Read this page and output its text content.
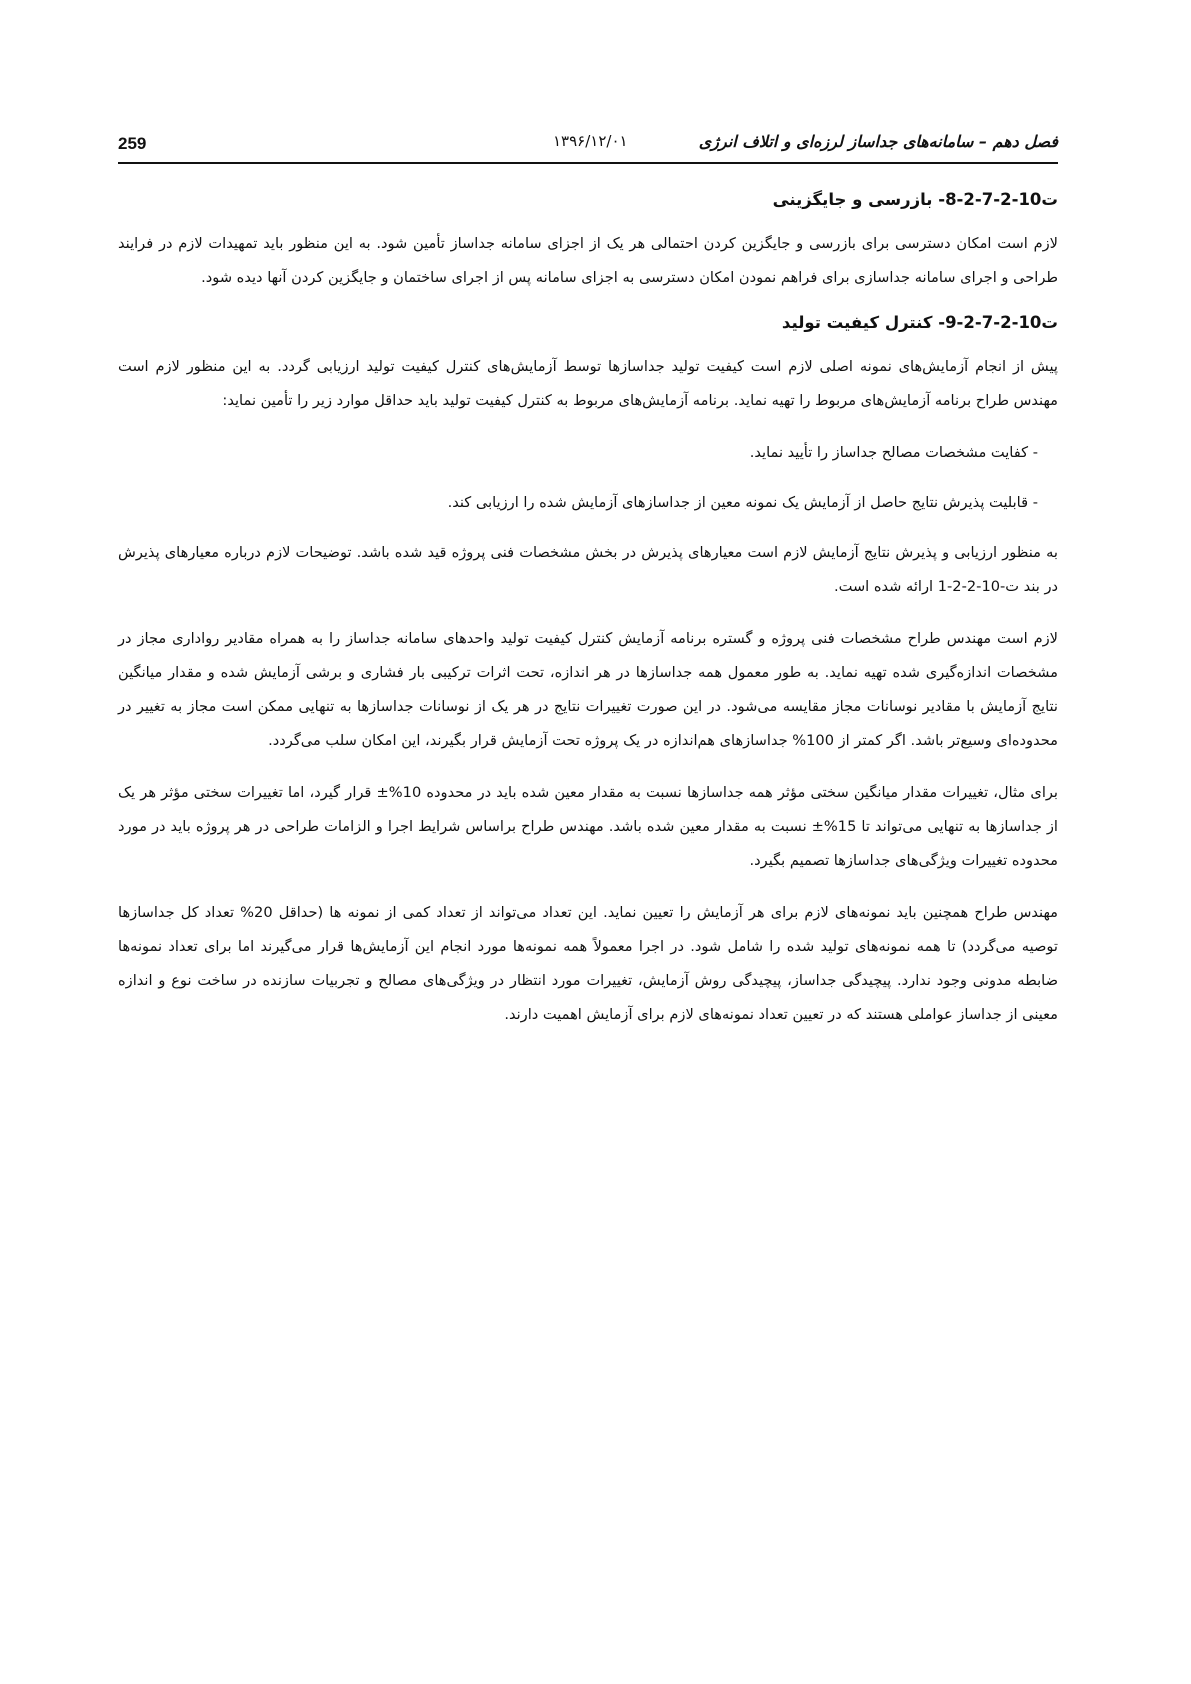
259	۱۳۹۶/۱۲/۰۱	فصل دهم – سامانه‌های جداساز لرزه‌ای و اتلاف انرژی
ت10-2-7-2-8- بازرسی و جایگزینی

لازم است امکان دسترسی برای بازرسی و جایگزین کردن احتمالی هر یک از اجزای سامانه جداساز تأمین شود. به این منظور باید تمهیدات لازم در فرایند طراحی و اجرای سامانه جداسازی برای فراهم نمودن امکان دسترسی به اجزای سامانه پس از اجرای ساختمان و جایگزین کردن آنها دیده شود.

ت10-2-7-2-9- کنترل کیفیت تولید

پیش از انجام آزمایش‌های نمونه اصلی لازم است کیفیت تولید جداسازها توسط آزمایش‌های کنترل کیفیت تولید ارزیابی گردد. به این منظور لازم است مهندس طراح برنامه آزمایش‌های مربوط را تهیه نماید. برنامه آزمایش‌های مربوط به کنترل کیفیت تولید باید حداقل موارد زیر را تأمین نماید:

- کفایت مشخصات مصالح جداساز را تأیید نماید.
- قابلیت پذیرش نتایج حاصل از آزمایش یک نمونه معین از جداسازهای آزمایش شده را ارزیابی کند.

به منظور ارزیابی و پذیرش نتایج آزمایش لازم است معیارهای پذیرش در بخش مشخصات فنی پروژه قید شده باشد. توضیحات لازم درباره معیارهای پذیرش در بند ت-10-2-2-1 ارائه شده است.

لازم است مهندس طراح مشخصات فنی پروژه و گستره برنامه آزمایش کنترل کیفیت تولید واحدهای سامانه جداساز را به همراه مقادیر رواداری مجاز در مشخصات اندازه‌گیری شده تهیه نماید. به طور معمول همه جداسازها در هر اندازه، تحت اثرات ترکیبی بار فشاری و برشی آزمایش شده و مقدار میانگین نتایج آزمایش با مقادیر نوسانات مجاز مقایسه می‌شود. در این صورت تغییرات نتایج در هر یک از نوسانات جداسازها به تنهایی ممکن است مجاز به تغییر در محدوده‌ای وسیع‌تر باشد. اگر کمتر از 100% جداسازهای هم‌اندازه در یک پروژه تحت آزمایش قرار بگیرند، این امکان سلب می‌گردد.

برای مثال، تغییرات مقدار میانگین سختی مؤثر همه جداسازها نسبت به مقدار معین شده باید در محدوده 10%± قرار گیرد، اما تغییرات سختی مؤثر هر یک از جداسازها به تنهایی می‌تواند تا 15%± نسبت به مقدار معین شده باشد. مهندس طراح براساس شرایط اجرا و الزامات طراحی در هر پروژه باید در مورد محدوده تغییرات ویژگی‌های جداسازها تصمیم بگیرد.

مهندس طراح همچنین باید نمونه‌های لازم برای هر آزمایش را تعیین نماید. این تعداد می‌تواند از تعداد کمی از نمونه ها (حداقل 20% تعداد کل جداسازها توصیه می‌گردد) تا همه نمونه‌های تولید شده را شامل شود. در اجرا معمولاً همه نمونه‌ها مورد انجام این آزمایش‌ها قرار می‌گیرند اما برای تعداد نمونه‌ها ضابطه مدونی وجود ندارد. پیچیدگی جداساز، پیچیدگی روش آزمایش، تغییرات مورد انتظار در ویژگی‌های مصالح و تجربیات سازنده در ساخت نوع و اندازه معینی از جداساز عواملی هستند که در تعیین تعداد نمونه‌های لازم برای آزمایش اهمیت دارند.
